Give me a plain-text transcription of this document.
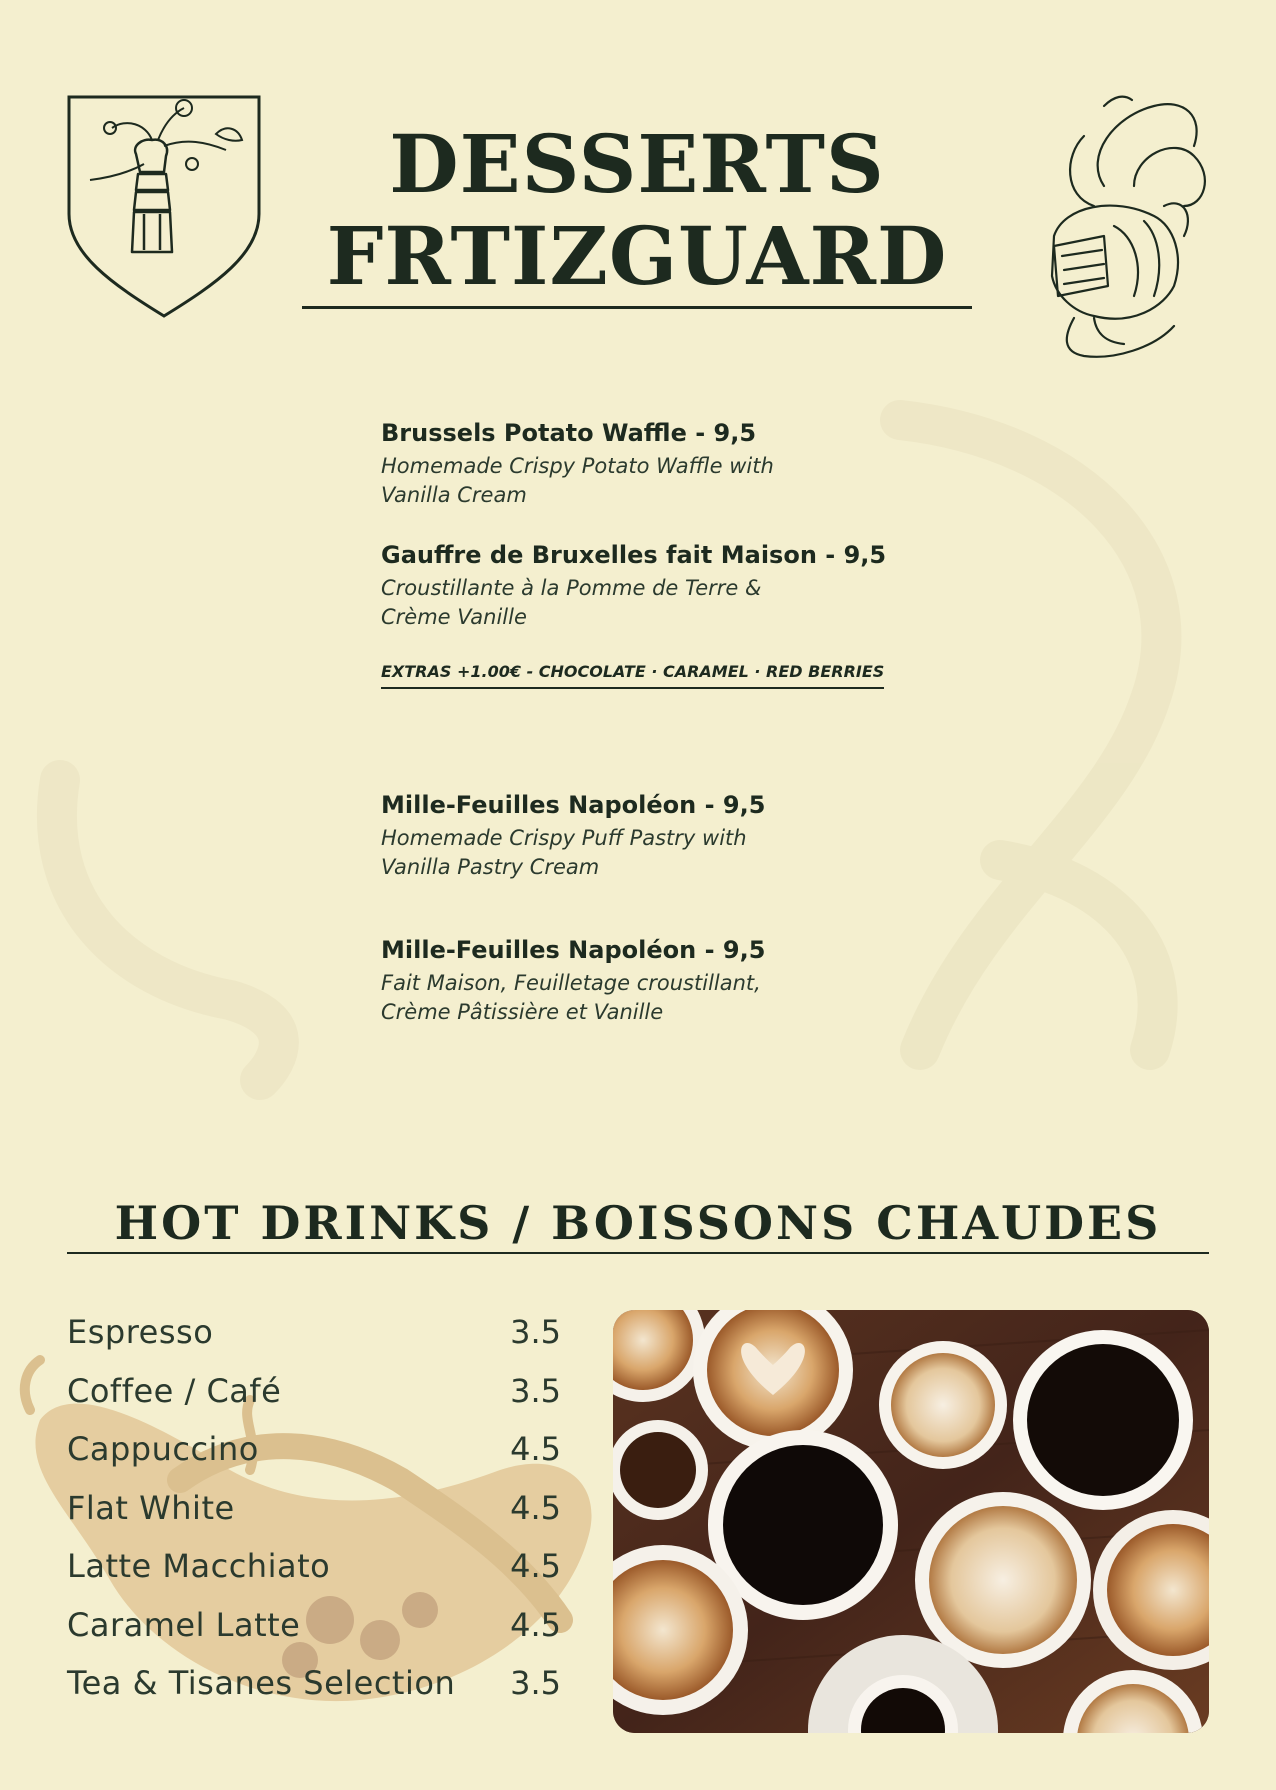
DESSERTS
FRTIZGUARD
Brussels Potato Waffle - 9,5
Homemade Crispy Potato Waffle with
Vanilla Cream
Gauffre de Bruxelles fait Maison - 9,5
Croustillante à la Pomme de Terre &
Crème Vanille
EXTRAS +1.00€ - CHOCOLATE · CARAMEL · RED BERRIES
Mille-Feuilles Napoléon - 9,5
Homemade Crispy Puff Pastry with
Vanilla Pastry Cream
Mille-Feuilles Napoléon - 9,5
Fait Maison, Feuilletage croustillant,
Crème Pâtissière et Vanille
HOT DRINKS / BOISSONS CHAUDES
Espresso	3.5
Coffee / Café	3.5
Cappuccino	4.5
Flat White	4.5
Latte Macchiato	4.5
Caramel Latte	4.5
Tea & Tisanes Selection 3.5
